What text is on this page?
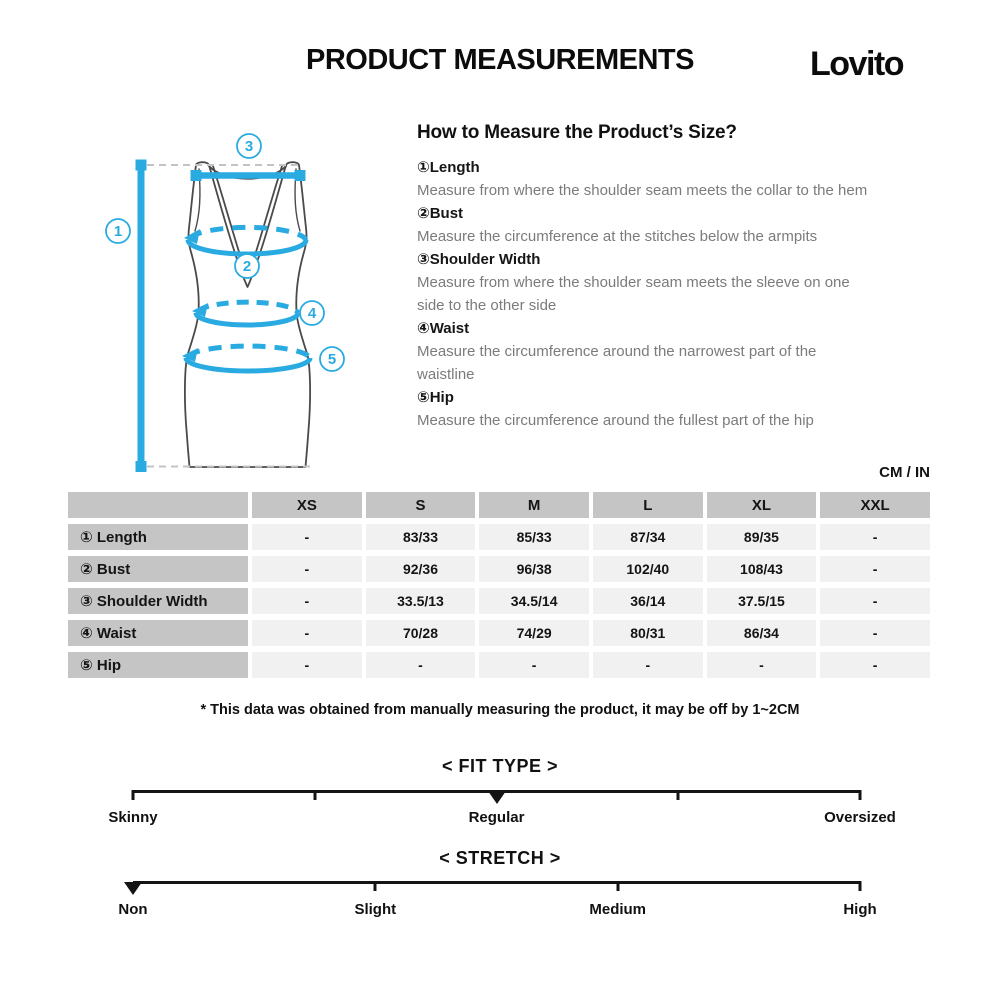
PRODUCT MEASUREMENTS	Lovito
1
3
2
4
5
How to Measure the Product’s Size?
①Length
Measure from where the shoulder seam meets the collar to the hem
②Bust
Measure the circumference at the stitches below the armpits
③Shoulder Width
Measure from where the shoulder seam meets the sleeve on one side to the other side
④Waist
Measure the circumference around the narrowest part of the waistline
⑤Hip
Measure the circumference around the fullest part of the hip
CM / IN
	XS	S	M	L	XL	XXL
① Length	-	83/33	85/33	87/34	89/35	-
② Bust	-	92/36	96/38	102/40	108/43	-
③ Shoulder Width	-	33.5/13	34.5/14	36/14	37.5/15	-
④ Waist	-	70/28	74/29	80/31	86/34	-
⑤ Hip	-	-	-	-	-	-
* This data was obtained from manually measuring the product, it may be off by 1~2CM
< FIT TYPE >
Skinny	Regular	Oversized
< STRETCH >
Non	Slight	Medium	High
